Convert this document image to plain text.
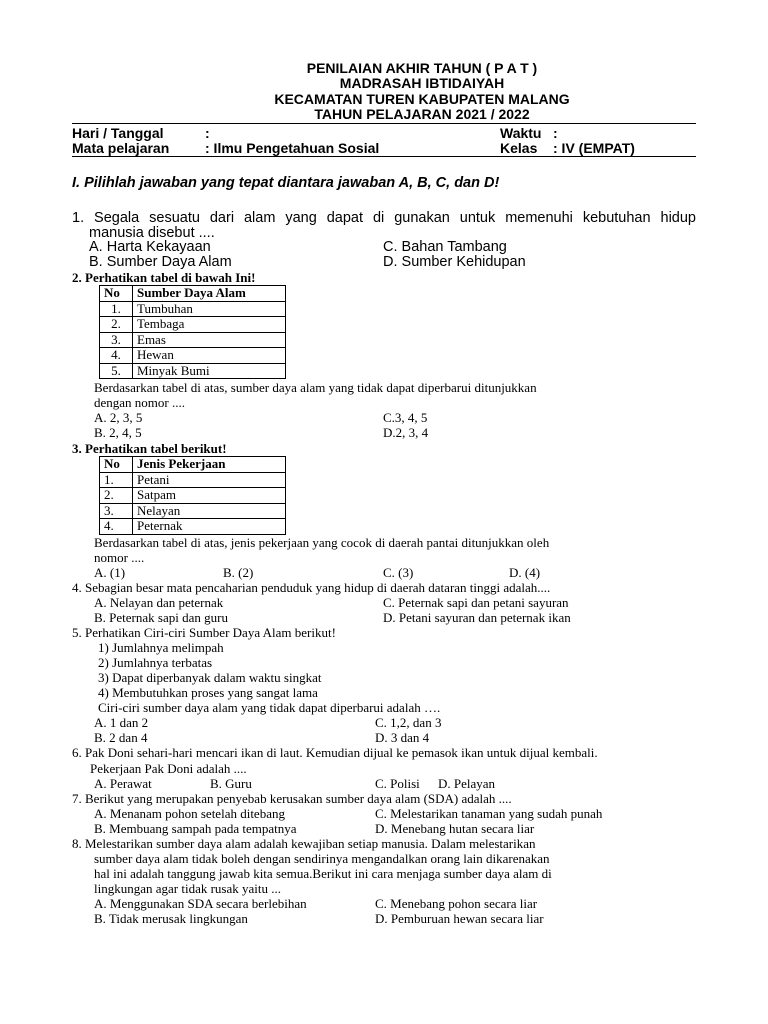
PENILAIAN AKHIR TAHUN ( P A T )
MADRASAH IBTIDAIYAH
KECAMATAN TUREN KABUPATEN MALANG
TAHUN PELAJARAN 2021 / 2022
Hari / Tanggal	:	Waktu :
Mata pelajaran	: Ilmu Pengetahuan Sosial	Kelas : IV (EMPAT)
I. Pilihlah jawaban yang tepat diantara jawaban A, B, C, dan D!
1. Segala sesuatu dari alam yang dapat di gunakan untuk memenuhi kebutuhan hidup
manusia disebut ....
A. Harta Kekayaan	C. Bahan Tambang
B. Sumber Daya Alam	D. Sumber Kehidupan
2. Perhatikan tabel di bawah Ini!
No	Sumber Daya Alam
1.	Tumbuhan
2.	Tembaga
3.	Emas
4.	Hewan
5.	Minyak Bumi
Berdasarkan tabel di atas, sumber daya alam yang tidak dapat diperbarui ditunjukkan
dengan nomor ....
A. 2, 3, 5	C.3, 4, 5
B. 2, 4, 5	D.2, 3, 4
3. Perhatikan tabel berikut!
No	Jenis Pekerjaan
1.	Petani
2.	Satpam
3.	Nelayan
4.	Peternak
Berdasarkan tabel di atas, jenis pekerjaan yang cocok di daerah pantai ditunjukkan oleh
nomor ....
A. (1)	B. (2)	C. (3)	D. (4)
4. Sebagian besar mata pencaharian penduduk yang hidup di daerah dataran tinggi adalah....
A. Nelayan dan peternak	C. Peternak sapi dan petani sayuran
B. Peternak sapi dan guru	D. Petani sayuran dan peternak ikan
5. Perhatikan Ciri-ciri Sumber Daya Alam berikut!
1) Jumlahnya melimpah
2) Jumlahnya terbatas
3) Dapat diperbanyak dalam waktu singkat
4) Membutuhkan proses yang sangat lama
Ciri-ciri sumber daya alam yang tidak dapat diperbarui adalah ….
A. 1 dan 2	C. 1,2, dan 3
B. 2 dan 4	D. 3 dan 4
6. Pak Doni sehari-hari mencari ikan di laut. Kemudian dijual ke pemasok ikan untuk dijual kembali.
Pekerjaan Pak Doni adalah ....
A. Perawat	B. Guru	C. Polisi D. Pelayan
7. Berikut yang merupakan penyebab kerusakan sumber daya alam (SDA) adalah ....
A. Menanam pohon setelah ditebang	C. Melestarikan tanaman yang sudah punah
B. Membuang sampah pada tempatnya	D. Menebang hutan secara liar
8. Melestarikan sumber daya alam adalah kewajiban setiap manusia. Dalam melestarikan
sumber daya alam tidak boleh dengan sendirinya mengandalkan orang lain dikarenakan
hal ini adalah tanggung jawab kita semua.Berikut ini cara menjaga sumber daya alam di
lingkungan agar tidak rusak yaitu ...
A. Menggunakan SDA secara berlebihan	C. Menebang pohon secara liar
B. Tidak merusak lingkungan	D. Pemburuan hewan secara liar
